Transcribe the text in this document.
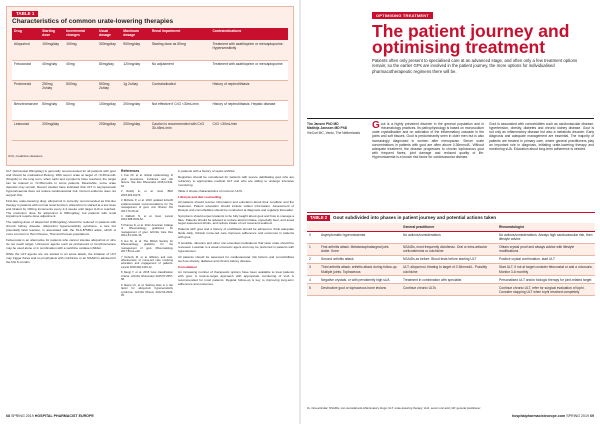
TABLE 1
Characteristics of common urate-lowering therapies
Drug	Starting dose	Incremental changes	Usual dosage	Maximum dosage	Renal impairment	Contraindications
Allopurinol	100mg/day	100mg	300mg/day	900mg/day	Starting dose as 50mg	Treatment with azathioprine or mercaptopurine. Hypersensitivity
Febuxostat	40mg/day	40mg	80mg/day	120mg/day	No adjustment	Treatment with azathioprine or mercaptopurine
Probenecid	250mg 2x/day	500mg	500mg 2x/day	1g 2x/day	Contraindicated	History of nephrolithiasis
Benzbromarone	50mg/day	50mg	100mg/day	200mg/day	Not effective if CrCl <30mL/min	History of nephrolithiasis. Hepatic disease
Lesinurad	200mg/day		200mg/day	200mg/day	Caution is recommended with CrCl 30-45mL/min	CrCl <30mL/min
CrCl, creatinine clearance

ULT (febuxostat 80mg/day) is generally recommended for all patients with gout and should be maintained lifelong. With serum urate at target of <0.36mmol/L (6mg/dL) in the long term, when tophi and symptoms have resolved, the target can be relaxed to <0.36mmol/L in some patients. Meanwhile, some urate deposits may remain. Recent studies have indicated that ULT in asymptomatic hyperuricaemia does not reduce cardiovascular risk. Current evidence does not support this.

First-line urate-lowering drug: allopurinol is currently recommended as first-line therapy in patients with normal renal function. Allopurinol is started at a low dose and titrated by 100mg increments every 2-4 weeks until target sUA is reached. The maximum dose for allopurinol is 900mg/day, but patients with renal impairment require dose adjustment.

The starting dose of allopurinol (100mg/day) should be reduced in patients with chronic kidney disease. Allopurinol hypersensitivity syndrome, a rare but potentially fatal reaction, is associated with the HLA-B*5801 allele, which is more common in Han Chinese, Thai and Korean populations.

Febuxostat is an alternative for patients who cannot tolerate allopurinol or who do not reach target. Uricosuric agents such as probenecid or benzbromarone may be used alone or in combination with a xanthine oxidase inhibitor.

While the ULT agents are not started in an acute attack, the initiation of ULT may trigger flares and so prophylaxis with colchicine or an NSAID is advised for the first 6 months.

References

1 Kuo CF, et al. Global epidemiology of gout: prevalence, incidence and risk factors. Nat Rev Rheumatol 2015;11:649-62.

2 Roddy E, et al. Gout. BMJ 2018;362:k3176.

3 Richette P, et al. 2016 updated EULAR evidence-based recommendations for the management of gout. Ann Rheum Dis 2017;76:29-42.

4 Dalbeth N, et al. Gout. Lancet 2016;388:2039-52.

5 Khanna D, et al. 2012 American College of Rheumatology guidelines for management of gout. Arthritis Care Res 2012;64:1431-46.

6 Hui M, et al. The British Society for Rheumatology guideline for the management of gout. Rheumatology 2017;56:e1-e20.

7 Doherty M, et al. Efficacy and cost-effectiveness of nurse-led care involving education and engagement of patients. Lancet 2018;392:1403-12.

8 Neogi T, et al. 2015 Gout classification criteria. Arthritis Rheumatol 2015;67:2557-68.

9 Stamp LK, et al. Starting dose is a risk factor for allopurinol hypersensitivity syndrome. Arthritis Rheum 2012;64:2529-36.

in patients with a history of septic arthritis.

Registries should be considered for patients with severe debilitating gout who are refractory to appropriate medical ULT and who are willing to undergo intensive monitoring.

Table 2 shows characteristics of common ULTs.

Lifestyle and diet counselling

All patients should receive information and education about their condition and the treatment. Patient education should include written information. Assessment of lifestyle and comorbidities should be conducted at diagnosis and regularly thereafter.

Symptoms should expect patients to be fully taught about gout and how to manage a flare. Patients should be advised to reduce alcohol intake, especially beer, and avoid sugar-sweetened drinks, and reduce intake of red meat and seafood.

Patients with gout and a history of urolithiasis should be advised to drink adequate fluids daily. Clinical nurse-led care improves adherence and outcomes in patients with gout.

If possible, diuretics and other non-essential medications that raise urate should be reviewed. Losartan is a weak uricosuric agent and may be preferred in patients with hypertension.

All patients should be assessed for cardiovascular risk factors and comorbidities such as obesity, diabetes and chronic kidney disease.

Consultation

An increasing number of therapeutic options have been available to treat patients with gout. A treat-to-target approach with appropriate monitoring of sUA is recommended for most patients. Regular follow-up is key to improving long-term adherence and outcomes.

68 SPRING 2019 HOSPITAL PHARMACIST EUROPE
OPTIMISING TREATMENT
The patient journey and optimising treatment
Patients often only present to specialised care at an advanced stage, and often only a few treatment options remain; so the earlier GPs are involved in the patient journey, the more options for individualised pharmacotherapeutic regimens there will be.
Tim Jansen PhD MD
Matthijs Janssen MD PhD
VieCuri MC, Venlo, The Netherlands
Gout is a highly prevalent disorder in the general population and in rheumatology practices. Its pathophysiology is based on monosodium urate crystallisation and on activation of the inflammatory cascade in the joints and soft tissues. Gout is predominantly seen in older men but is also increasingly diagnosed in women after menopause. Serum urate concentrations in patients with gout are often above 0.36mmol/L. Without adequate treatment, the disease progresses to chronic tophaceous gout with frequent flares, joint damage and reduced quality of life. Hyperuricaemia is a known risk factor for cardiovascular disease.
Gout is associated with comorbidities such as cardiovascular disease, hypertension, obesity, diabetes and chronic kidney disease. Gout is not only an inflammatory disease but also a metabolic disorder. Early diagnosis and adequate management are essential. The majority of patients are treated in primary care, where general practitioners play an important role in diagnosis, initiating urate-lowering therapy and monitoring sUA. Education about long-term adherence is needed.
TABLE 2	Gout subdivided into phases in patient journey and potential actions taken
		General practitioner	Rheumatologist
0	Asymptomatic hyperuricaemia	No actions/considerations	No actions/considerations. Always high cardiovascular risk, then lifestyle advice
1	First arthritis attack. Metatarsophalangeal joint. Ankle. Knee	NSAIDs, most frequently diclofenac. Oral or intra-articular corticosteroids or colchicine	Obtain crystal proof and always advise with lifestyle modifications
2	Second arthritis attack	NSAIDs as before. Blood tests before starting ULT	Positive crystal confirmation, start ULT
3	Third arthritis attack: arthritis attack during follow-up. Multiple joints. Tophaceous	ULT: allopurinol, titrating to target of 0.36mmol/L. Possibly colchicine	Start ULT, if not at target consider febuxostat or add a uricosuric. Monitor 3-6 monthly
4	Negative crystals, or with persistently high sUA	Treatment in combination with specialist	Personalised ULT and/or biologic therapy for joint-related target
5	Destructive gout or tophaceous bone lesions	Continue chronic ULTs	Continue chronic ULT, refer for surgical evaluation of tophi. Consider stopping ULT when tophi resolved completely
IA, intra-articular; NSAIDs, non-steroidal anti-inflammatory drugs; ULT, urate-lowering therapy; sUA, serum uric acid; GP, general practitioner
hospitalpharmacisteurope.com SPRING 2019 69
